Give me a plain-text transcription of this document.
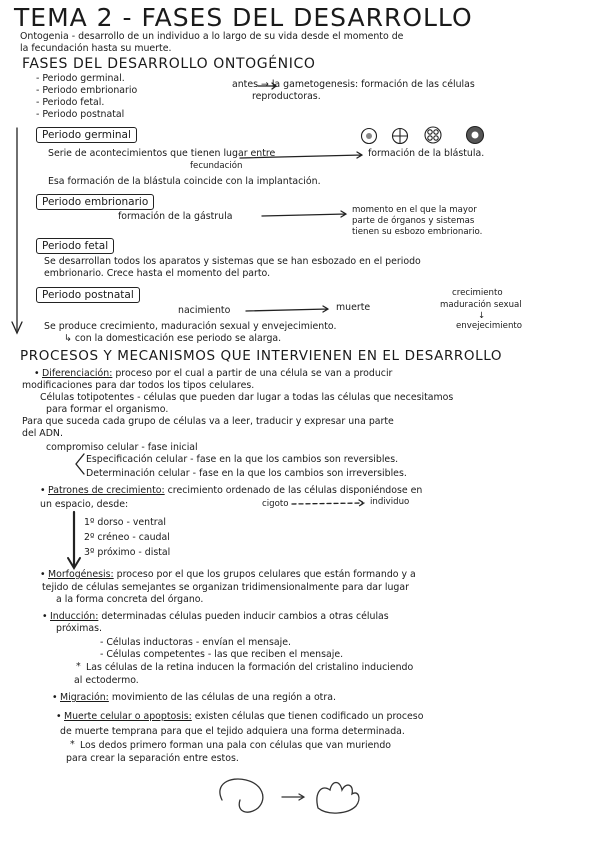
TEMA 2 - FASES DEL DESARROLLO
Ontogenia - desarrollo de un individuo a lo largo de su vida desde el momento de
la fecundación hasta su muerte.
FASES DEL DESARROLLO ONTOGÉNICO
- Periodo germinal.
- Periodo embrionario
- Periodo fetal.
- Periodo postnatal
antes → la gametogenesis: formación de las células
reproductoras.
Periodo germinal
Serie de acontecimientos que tienen lugar entre	formación de la blástula.
fecundación
Esa formación de la blástula coincide con la implantación.
Periodo embrionario
formación de la gástrula
momento en el que la mayor
parte de órganos y sistemas
tienen su esbozo embrionario.
Periodo fetal
Se desarrollan todos los aparatos y sistemas que se han esbozado en el periodo
embrionario. Crece hasta el momento del parto.
Periodo postnatal
nacimiento	muerte
crecimiento
maduración sexual
↓
envejecimiento
Se produce crecimiento, maduración sexual y envejecimiento.
↳ con la domesticación ese periodo se alarga.
PROCESOS Y MECANISMOS QUE INTERVIENEN EN EL DESARROLLO
• Diferenciación: proceso por el cual a partir de una célula se van a producir
modificaciones para dar todos los tipos celulares.
Células totipotentes - células que pueden dar lugar a todas las células que necesitamos
para formar el organismo.
Para que suceda cada grupo de células va a leer, traducir y expresar una parte
del ADN.
compromiso celular - fase inicial
Especificación celular - fase en la que los cambios son reversibles.
Determinación celular - fase en la que los cambios son irreversibles.
• Patrones de crecimiento: crecimiento ordenado de las células disponiéndose en
un espacio, desde:	cigoto	individuo
1º dorso - ventral
2º créneo - caudal
3º próximo - distal
• Morfogénesis: proceso por el que los grupos celulares que están formando y a
tejido de células semejantes se organizan tridimensionalmente para dar lugar
a la forma concreta del órgano.
• Inducción: determinadas células pueden inducir cambios a otras células
próximas.
- Células inductoras - envían el mensaje.
- Células competentes - las que reciben el mensaje.
* Las células de la retina inducen la formación del cristalino induciendo
al ectodermo.
• Migración: movimiento de las células de una región a otra.
• Muerte celular o apoptosis: existen células que tienen codificado un proceso
de muerte temprana para que el tejido adquiera una forma determinada.
* Los dedos primero forman una pala con células que van muriendo
para crear la separación entre estos.
